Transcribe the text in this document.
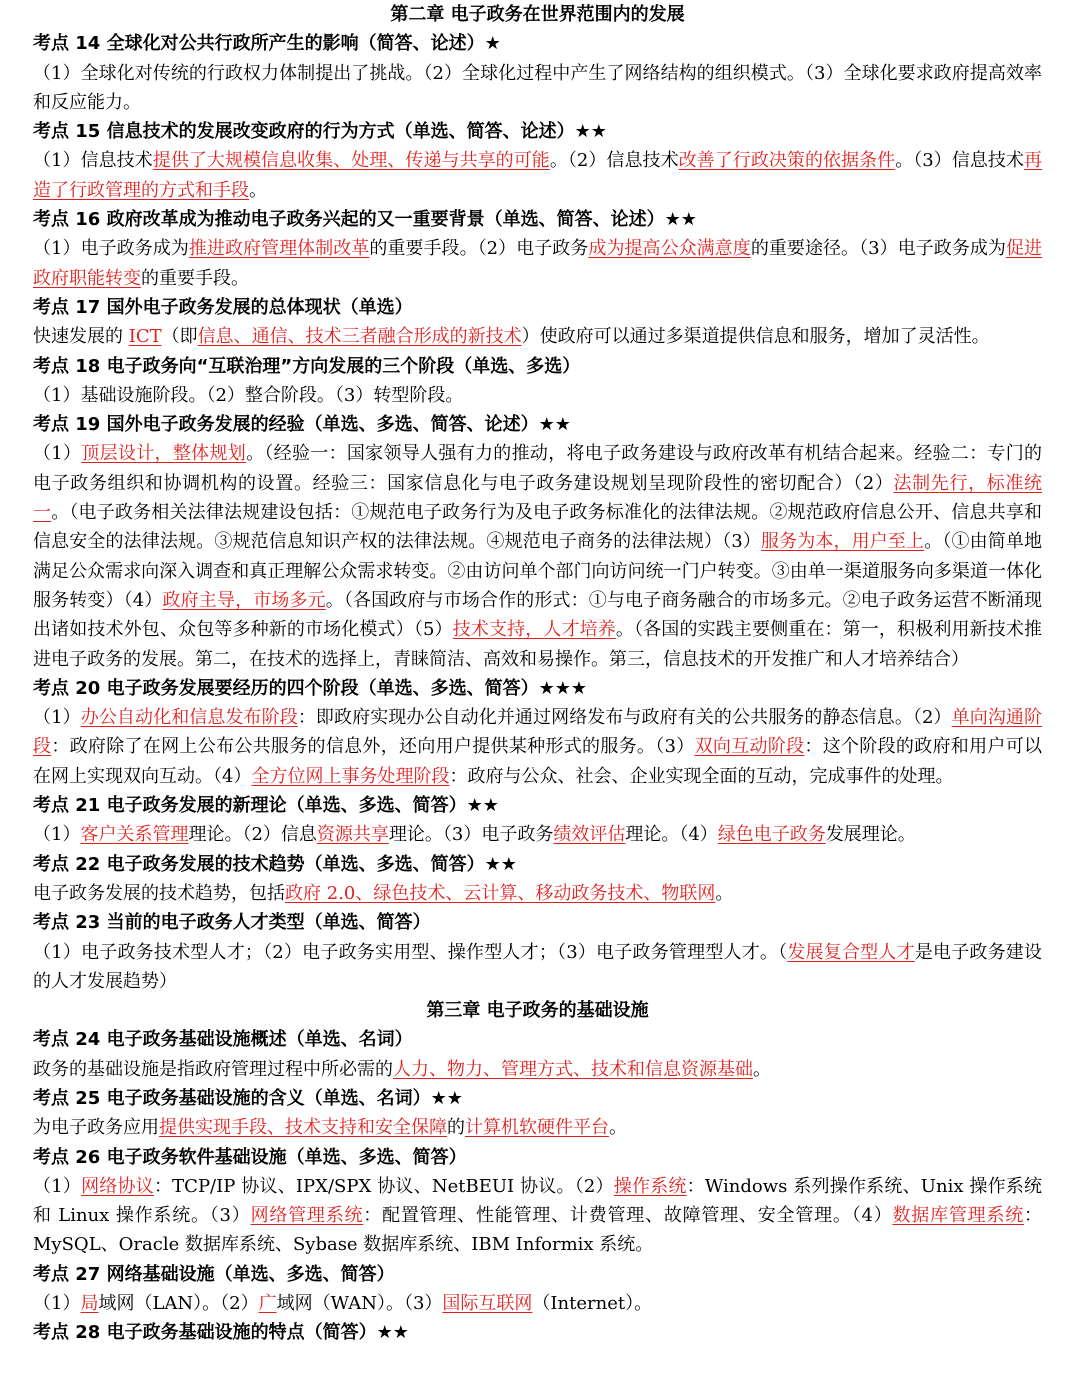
第二章 电子政务在世界范围内的发展
考点 14 全球化对公共行政所产生的影响（简答、论述）★
（1）全球化对传统的行政权力体制提出了挑战。（2）全球化过程中产生了网络结构的组织模式。（3）全球化要求政府提高效率和反应能力。
考点 15 信息技术的发展改变政府的行为方式（单选、简答、论述）★★
（1）信息技术提供了大规模信息收集、处理、传递与共享的可能。（2）信息技术改善了行政决策的依据条件。（3）信息技术再造了行政管理的方式和手段。
考点 16 政府改革成为推动电子政务兴起的又一重要背景（单选、简答、论述）★★
（1）电子政务成为推进政府管理体制改革的重要手段。（2）电子政务成为提高公众满意度的重要途径。（3）电子政务成为促进政府职能转变的重要手段。
考点 17 国外电子政务发展的总体现状（单选）
快速发展的 ICT（即信息、通信、技术三者融合形成的新技术）使政府可以通过多渠道提供信息和服务，增加了灵活性。
考点 18 电子政务向“互联治理”方向发展的三个阶段（单选、多选）
（1）基础设施阶段。（2）整合阶段。（3）转型阶段。
考点 19 国外电子政务发展的经验（单选、多选、简答、论述）★★
（1）顶层设计，整体规划。（经验一：国家领导人强有力的推动，将电子政务建设与政府改革有机结合起来。经验二：专门的电子政务组织和协调机构的设置。经验三：国家信息化与电子政务建设规划呈现阶段性的密切配合）（2）法制先行，标准统一。（电子政务相关法律法规建设包括：①规范电子政务行为及电子政务标准化的法律法规。②规范政府信息公开、信息共享和信息安全的法律法规。③规范信息知识产权的法律法规。④规范电子商务的法律法规）（3）服务为本，用户至上。（①由简单地满足公众需求向深入调查和真正理解公众需求转变。②由访问单个部门向访问统一门户转变。③由单一渠道服务向多渠道一体化服务转变）（4）政府主导，市场多元。（各国政府与市场合作的形式：①与电子商务融合的市场多元。②电子政务运营不断涌现出诸如技术外包、众包等多种新的市场化模式）（5）技术支持，人才培养。（各国的实践主要侧重在：第一，积极利用新技术推进电子政务的发展。第二，在技术的选择上，青睐简洁、高效和易操作。第三，信息技术的开发推广和人才培养结合）
考点 20 电子政务发展要经历的四个阶段（单选、多选、简答）★★★
（1）办公自动化和信息发布阶段：即政府实现办公自动化并通过网络发布与政府有关的公共服务的静态信息。（2）单向沟通阶段：政府除了在网上公布公共服务的信息外，还向用户提供某种形式的服务。（3）双向互动阶段：这个阶段的政府和用户可以在网上实现双向互动。（4）全方位网上事务处理阶段：政府与公众、社会、企业实现全面的互动，完成事件的处理。
考点 21 电子政务发展的新理论（单选、多选、简答）★★
（1）客户关系管理理论。（2）信息资源共享理论。（3）电子政务绩效评估理论。（4）绿色电子政务发展理论。
考点 22 电子政务发展的技术趋势（单选、多选、简答）★★
电子政务发展的技术趋势，包括政府 2.0、绿色技术、云计算、移动政务技术、物联网。
考点 23 当前的电子政务人才类型（单选、简答）
（1）电子政务技术型人才；（2）电子政务实用型、操作型人才；（3）电子政务管理型人才。（发展复合型人才是电子政务建设的人才发展趋势）
第三章 电子政务的基础设施
考点 24 电子政务基础设施概述（单选、名词）
政务的基础设施是指政府管理过程中所必需的人力、物力、管理方式、技术和信息资源基础。
考点 25 电子政务基础设施的含义（单选、名词）★★
为电子政务应用提供实现手段、技术支持和安全保障的计算机软硬件平台。
考点 26 电子政务软件基础设施（单选、多选、简答）
（1）网络协议：TCP/IP 协议、IPX/SPX 协议、NetBEUI 协议。（2）操作系统：Windows 系列操作系统、Unix 操作系统和 Linux 操作系统。（3）网络管理系统：配置管理、性能管理、计费管理、故障管理、安全管理。（4）数据库管理系统：MySQL、Oracle 数据库系统、Sybase 数据库系统、IBM Informix 系统。
考点 27 网络基础设施（单选、多选、简答）
（1）局域网（LAN）。（2）广域网（WAN）。（3）国际互联网（Internet）。
考点 28 电子政务基础设施的特点（简答）★★
